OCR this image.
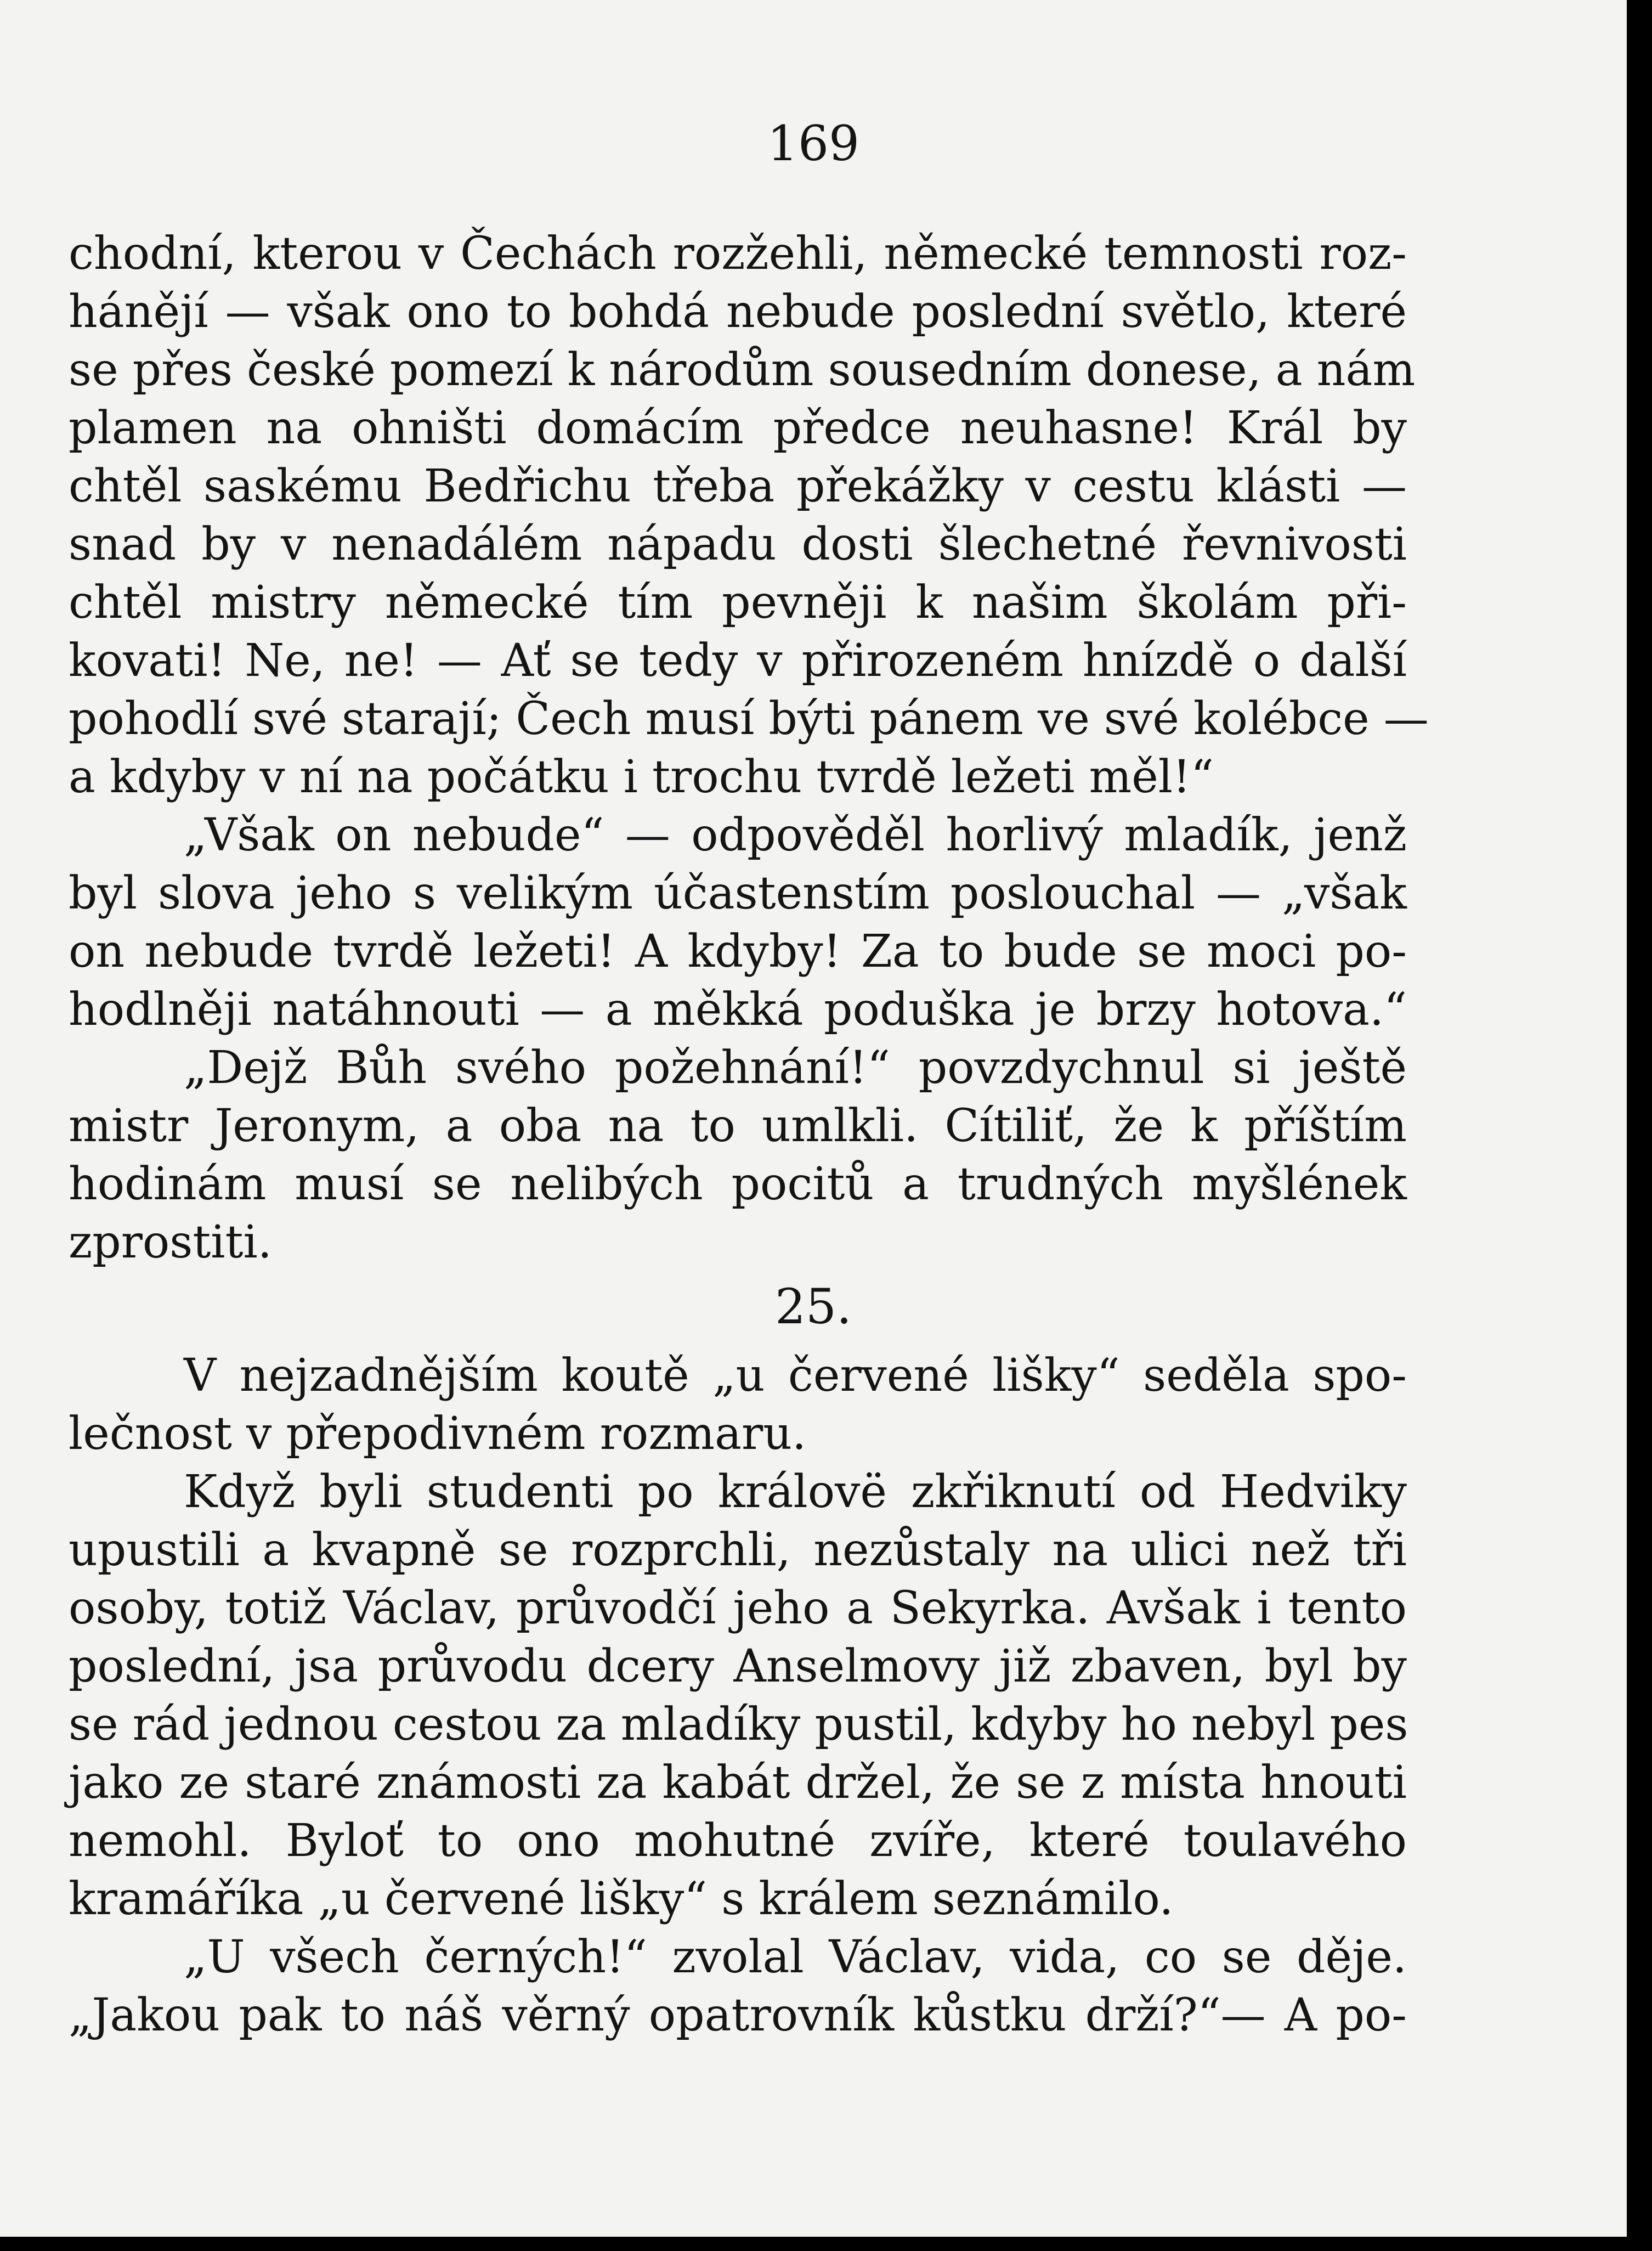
169
chodní, kterou v Čechách rozžehli, německé temnosti roz-
hánějí — však ono to bohdá nebude poslední světlo, které
se přes české pomezí k národům sousedním donese, a nám
plamen na ohništi domácím předce neuhasne! Král by
chtěl saskému Bedřichu třeba překážky v cestu klásti —
snad by v nenadálém nápadu dosti šlechetné řevnivosti
chtěl mistry německé tím pevněji k našim školám při-
kovati! Ne, ne! — Ať se tedy v přirozeném hnízdě o další
pohodlí své starají; Čech musí býti pánem ve své kolébce —
a kdyby v ní na počátku i trochu tvrdě ležeti měl!“
„Však on nebude“ — odpověděl horlivý mladík, jenž
byl slova jeho s velikým účastenstím poslouchal — „však
on nebude tvrdě ležeti! A kdyby! Za to bude se moci po-
hodlněji natáhnouti — a měkká poduška je brzy hotova.“
„Dejž Bůh svého požehnání!“ povzdychnul si ještě
mistr Jeronym, a oba na to umlkli. Cítiliť, že k příštím
hodinám musí se nelibých pocitů a trudných myšlének
zprostiti.
25.
V nejzadnějším koutě „u červené lišky“ seděla spo-
lečnost v přepodivném rozmaru.
Když byli studenti po královë zkřiknutí od Hedviky
upustili a kvapně se rozprchli, nezůstaly na ulici než tři
osoby, totiž Václav, průvodčí jeho a Sekyrka. Avšak i tento
poslední, jsa průvodu dcery Anselmovy již zbaven, byl by
se rád jednou cestou za mladíky pustil, kdyby ho nebyl pes
jako ze staré známosti za kabát držel, že se z místa hnouti
nemohl. Byloť to ono mohutné zvíře, které toulavého
kramáříka „u červené lišky“ s králem seznámilo.
„U všech černých!“ zvolal Václav, vida, co se děje.
„Jakou pak to náš věrný opatrovník kůstku drží?“— A po-
